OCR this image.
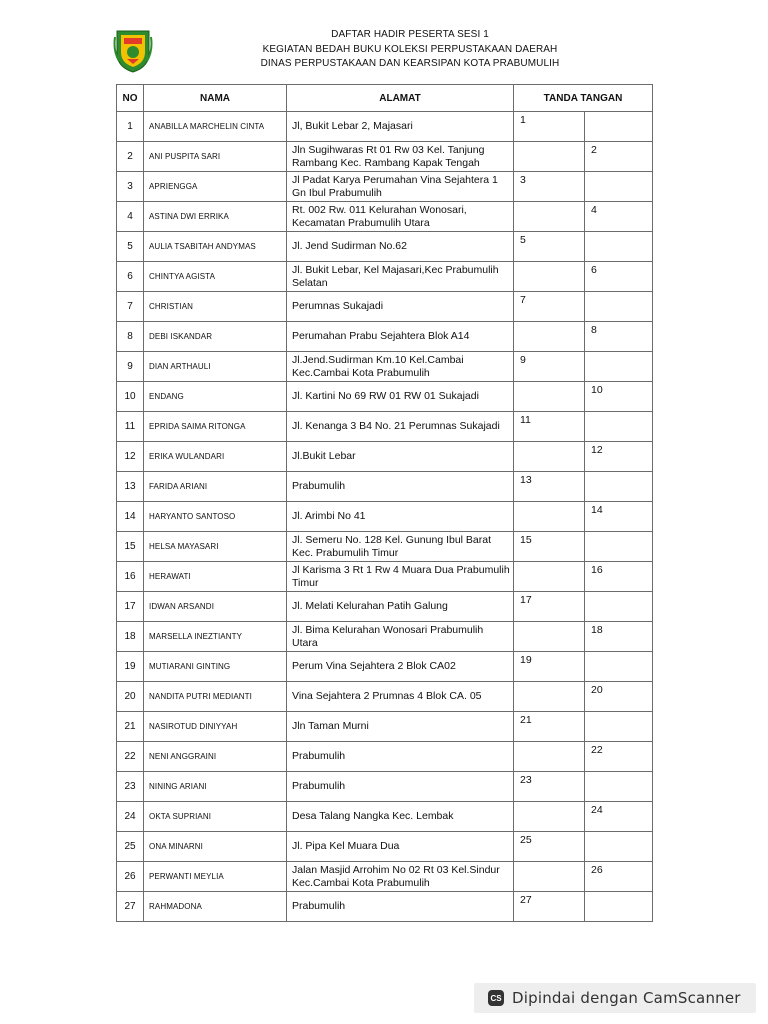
DAFTAR HADIR PESERTA SESI 1
KEGIATAN BEDAH BUKU KOLEKSI PERPUSTAKAAN DAERAH
DINAS PERPUSTAKAAN DAN KEARSIPAN KOTA PRABUMULIH
NO	NAMA	ALAMAT	TANDA TANGAN	
1	ANABILLA MARCHELIN CINTA	Jl, Bukit Lebar 2, Majasari	1	
2	ANI PUSPITA SARI	Jln Sugihwaras Rt 01 Rw 03 Kel. Tanjung Rambang Kec. Rambang Kapak Tengah		2
3	APRIENGGA	Jl Padat Karya Perumahan Vina Sejahtera 1 Gn Ibul Prabumulih	3	
4	ASTINA DWI ERRIKA	Rt. 002 Rw. 011 Kelurahan Wonosari, Kecamatan Prabumulih Utara		4
5	AULIA TSABITAH ANDYMAS	Jl. Jend Sudirman No.62	5	
6	CHINTYA AGISTA	Jl. Bukit Lebar, Kel Majasari,Kec Prabumulih Selatan		6
7	CHRISTIAN	Perumnas Sukajadi	7	
8	DEBI ISKANDAR	Perumahan Prabu Sejahtera Blok A14		8
9	DIAN ARTHAULI	Jl.Jend.Sudirman Km.10 Kel.Cambai Kec.Cambai Kota Prabumulih	9	
10	ENDANG	Jl. Kartini No 69 RW 01 RW 01 Sukajadi		10
11	EPRIDA SAIMA RITONGA	Jl. Kenanga 3 B4 No. 21 Perumnas Sukajadi	11	
12	ERIKA WULANDARI	Jl.Bukit Lebar		12
13	FARIDA ARIANI	Prabumulih	13	
14	HARYANTO SANTOSO	Jl. Arimbi No 41		14
15	HELSA MAYASARI	Jl. Semeru No. 128 Kel. Gunung Ibul Barat Kec. Prabumulih Timur	15	
16	HERAWATI	Jl Karisma 3 Rt 1 Rw 4 Muara Dua Prabumulih Timur		16
17	IDWAN ARSANDI	Jl. Melati Kelurahan Patih Galung	17	
18	MARSELLA INEZTIANTY	Jl. Bima Kelurahan Wonosari Prabumulih Utara		18
19	MUTIARANI GINTING	Perum Vina Sejahtera 2 Blok CA02	19	
20	NANDITA PUTRI MEDIANTI	Vina Sejahtera 2 Prumnas 4 Blok CA. 05		20
21	NASIROTUD DINIYYAH	Jln Taman Murni	21	
22	NENI ANGGRAINI	Prabumulih		22
23	NINING ARIANI	Prabumulih	23	
24	OKTA SUPRIANI	Desa Talang Nangka Kec. Lembak		24
25	ONA MINARNI	Jl. Pipa Kel Muara Dua	25	
26	PERWANTI MEYLIA	Jalan Masjid Arrohim No 02 Rt 03 Kel.Sindur Kec.Cambai Kota Prabumulih		26
27	RAHMADONA	Prabumulih	27	
CS Dipindai dengan CamScanner
